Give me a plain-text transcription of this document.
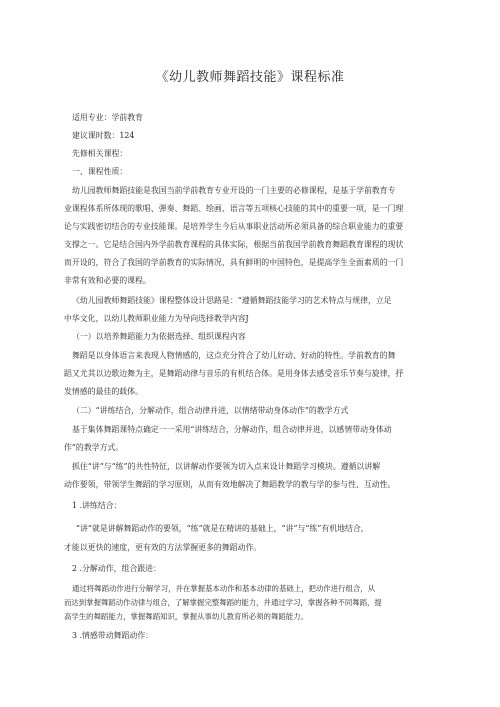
《幼儿教师舞蹈技能》课程标准
适用专业：学前教育
建议课时数：124
先修相关课程：
一、课程性质：
幼儿园教师舞蹈技能是我国当前学前教育专业开设的一门主要的必修课程，是基于学前教育专
业课程体系所体现的歌唱、弹奏、舞蹈、绘画、语言等五项核心技能的其中的重要一项，是一门理
论与实践密切结合的专业技能课。是培养学生今后从事职业活动所必须具备的综合职业能力的重要
支撑之一。它是结合国内外学前教育课程的具体实际，根据当前我国学前教育舞蹈教育课程的现状
而开设的，符合了我国的学前教育的实际情况，具有鲜明的中国特色，是提高学生全面素质的一门
非常有效和必要的课程。
《幼儿园教师舞蹈技能》课程整体设计思路是：“遵循舞蹈技能学习的艺术特点与规律，立足
中华文化，以幼儿教师职业能力为导向选择教学内容J
（一）以培养舞蹈能力为依据选择、组织课程内容
舞蹈是以身体语言来表现人物情感的，这点充分符合了幼儿好动、好动的特性。学前教育的舞
蹈又尤其以边歌边舞为主，是舞蹈动律与音乐的有机结合体。是用身体去感受音乐节奏与旋律，抒
发情感的最佳的载体。
（二）“讲练结合，分解动作，组合动律并进，以情绪带动身体动作”的教学方式
基于集体舞蹈课特点确定一一采用“讲练结合，分解动作，组合动律并进，以感情带动身体动
作”的教学方式。
抓住“讲”与“练”的共性特征，以讲解动作要领为切入点来设计舞蹈学习模块。遵循以讲解
动作要领，带领学生舞蹈的学习原则，从而有效地解决了舞蹈教学的教与学的参与性、互动性。
1 .讲练结合：
“讲”就是讲解舞蹈动作的要领，“练”就是在精讲的基础上，“讲”与“练”有机地结合，
才能以更快的速度，更有效的方法掌握更多的舞蹈动作。
2 .分解动作，组合跟进：
通过将舞蹈动作进行分解学习，并在掌握基本动作和基本动律的基础上，把动作进行组合，从
而达到掌握舞蹈动作动律与组合，了解掌握完整舞蹈的能力，并通过学习，掌握各种不同舞蹈，提
高学生的舞蹈能力，掌握舞蹈知识，掌握从事幼儿教育所必须的舞蹈能力。
3 .情感带动舞蹈动作：
